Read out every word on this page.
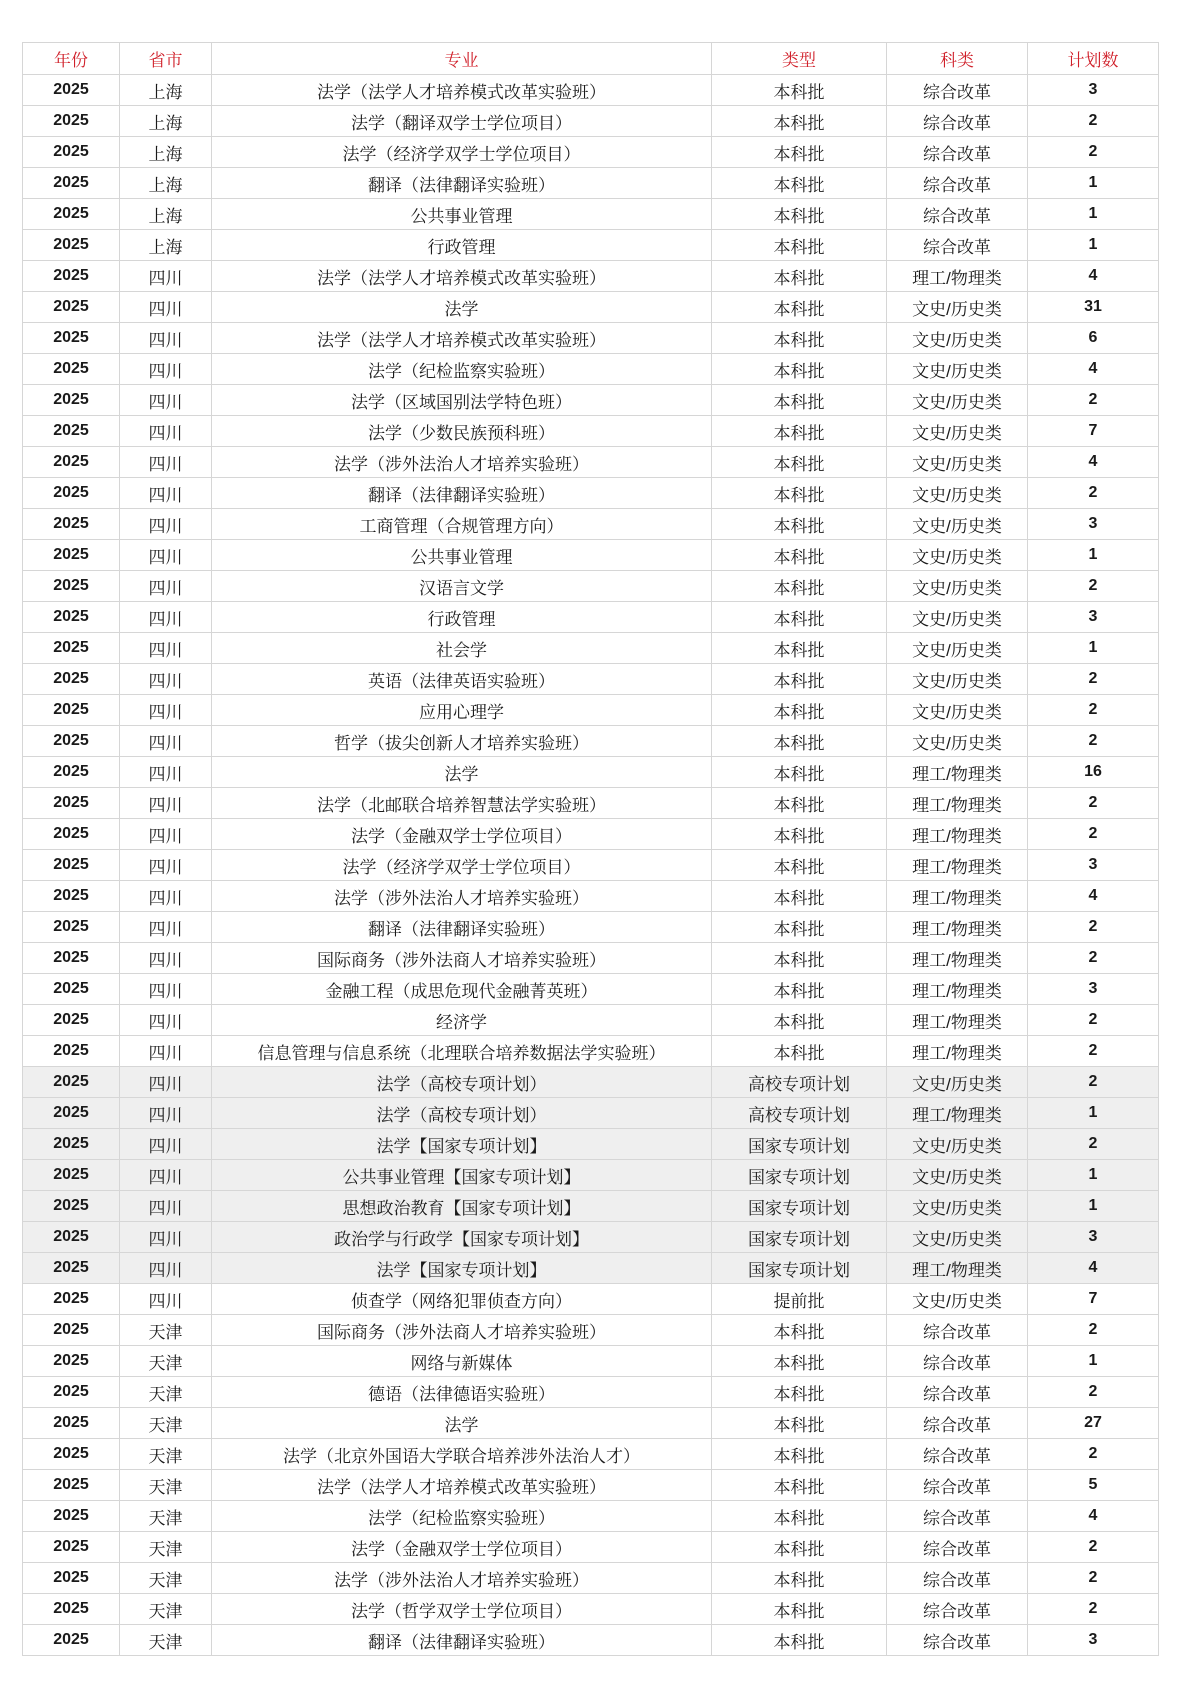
年份	省市	专业	类型	科类	计划数
2025	上海	法学（法学人才培养模式改革实验班）	本科批	综合改革	3
2025	上海	法学（翻译双学士学位项目）	本科批	综合改革	2
2025	上海	法学（经济学双学士学位项目）	本科批	综合改革	2
2025	上海	翻译（法律翻译实验班）	本科批	综合改革	1
2025	上海	公共事业管理	本科批	综合改革	1
2025	上海	行政管理	本科批	综合改革	1
2025	四川	法学（法学人才培养模式改革实验班）	本科批	理工/物理类	4
2025	四川	法学	本科批	文史/历史类	31
2025	四川	法学（法学人才培养模式改革实验班）	本科批	文史/历史类	6
2025	四川	法学（纪检监察实验班）	本科批	文史/历史类	4
2025	四川	法学（区域国别法学特色班）	本科批	文史/历史类	2
2025	四川	法学（少数民族预科班）	本科批	文史/历史类	7
2025	四川	法学（涉外法治人才培养实验班）	本科批	文史/历史类	4
2025	四川	翻译（法律翻译实验班）	本科批	文史/历史类	2
2025	四川	工商管理（合规管理方向）	本科批	文史/历史类	3
2025	四川	公共事业管理	本科批	文史/历史类	1
2025	四川	汉语言文学	本科批	文史/历史类	2
2025	四川	行政管理	本科批	文史/历史类	3
2025	四川	社会学	本科批	文史/历史类	1
2025	四川	英语（法律英语实验班）	本科批	文史/历史类	2
2025	四川	应用心理学	本科批	文史/历史类	2
2025	四川	哲学（拔尖创新人才培养实验班）	本科批	文史/历史类	2
2025	四川	法学	本科批	理工/物理类	16
2025	四川	法学（北邮联合培养智慧法学实验班）	本科批	理工/物理类	2
2025	四川	法学（金融双学士学位项目）	本科批	理工/物理类	2
2025	四川	法学（经济学双学士学位项目）	本科批	理工/物理类	3
2025	四川	法学（涉外法治人才培养实验班）	本科批	理工/物理类	4
2025	四川	翻译（法律翻译实验班）	本科批	理工/物理类	2
2025	四川	国际商务（涉外法商人才培养实验班）	本科批	理工/物理类	2
2025	四川	金融工程（成思危现代金融菁英班）	本科批	理工/物理类	3
2025	四川	经济学	本科批	理工/物理类	2
2025	四川	信息管理与信息系统（北理联合培养数据法学实验班）	本科批	理工/物理类	2
2025	四川	法学（高校专项计划）	高校专项计划	文史/历史类	2
2025	四川	法学（高校专项计划）	高校专项计划	理工/物理类	1
2025	四川	法学【国家专项计划】	国家专项计划	文史/历史类	2
2025	四川	公共事业管理【国家专项计划】	国家专项计划	文史/历史类	1
2025	四川	思想政治教育【国家专项计划】	国家专项计划	文史/历史类	1
2025	四川	政治学与行政学【国家专项计划】	国家专项计划	文史/历史类	3
2025	四川	法学【国家专项计划】	国家专项计划	理工/物理类	4
2025	四川	侦查学（网络犯罪侦查方向）	提前批	文史/历史类	7
2025	天津	国际商务（涉外法商人才培养实验班）	本科批	综合改革	2
2025	天津	网络与新媒体	本科批	综合改革	1
2025	天津	德语（法律德语实验班）	本科批	综合改革	2
2025	天津	法学	本科批	综合改革	27
2025	天津	法学（北京外国语大学联合培养涉外法治人才）	本科批	综合改革	2
2025	天津	法学（法学人才培养模式改革实验班）	本科批	综合改革	5
2025	天津	法学（纪检监察实验班）	本科批	综合改革	4
2025	天津	法学（金融双学士学位项目）	本科批	综合改革	2
2025	天津	法学（涉外法治人才培养实验班）	本科批	综合改革	2
2025	天津	法学（哲学双学士学位项目）	本科批	综合改革	2
2025	天津	翻译（法律翻译实验班）	本科批	综合改革	3
